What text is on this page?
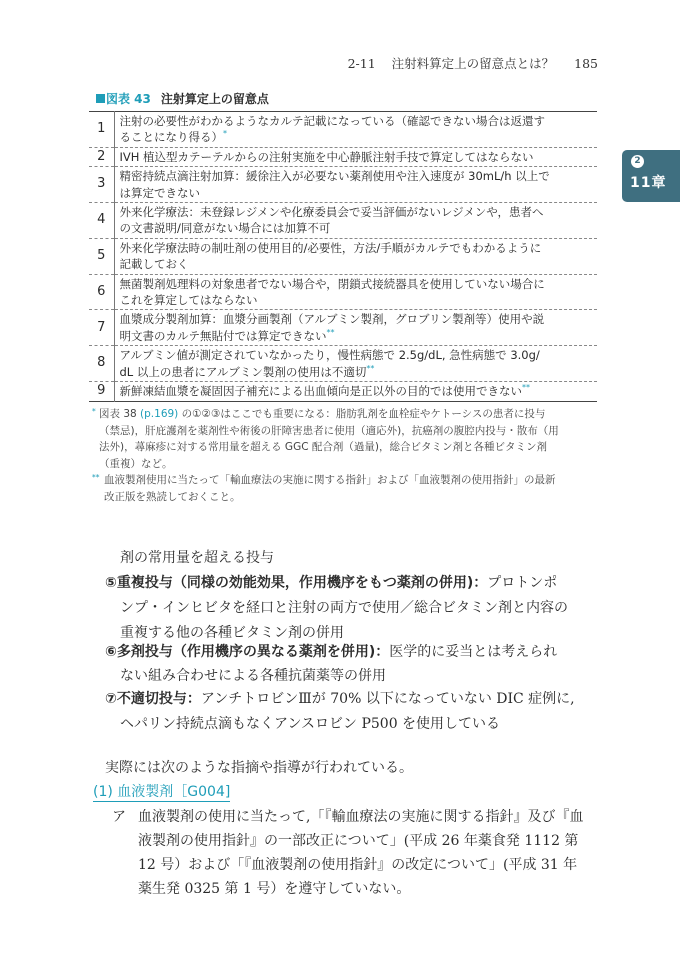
2-11 注射料算定上の留意点とは？ 185
2
11章
図表 43 注射算定上の留意点
1	注射の必要性がわかるようなカルテ記載になっている（確認できない場合は返還す
ることになり得る）*

2	IVH 植込型カテーテルからの注射実施を中心静脈注射手技で算定してはならない

3	精密持続点滴注射加算：緩徐注入が必要ない薬剤使用や注入速度が 30mL/h 以上で
は算定できない

4	外来化学療法：未登録レジメンや化療委員会で妥当評価がないレジメンや，患者へ
の文書説明/同意がない場合には加算不可

5	外来化学療法時の制吐剤の使用目的/必要性，方法/手順がカルテでもわかるように
記載しておく

6	無菌製剤処理料の対象患者でない場合や，閉鎖式接続器具を使用していない場合に
これを算定してはならない

7	血漿成分製剤加算：血漿分画製剤（アルブミン製剤，グロブリン製剤等）使用や説
明文書のカルテ無貼付では算定できない**

8	アルブミン値が測定されていなかったり，慢性病態で 2.5g/dL, 急性病態で 3.0g/
dL 以上の患者にアルブミン製剤の使用は不適切**

9	新鮮凍結血漿を凝固因子補充による出血傾向是正以外の目的では使用できない**
* 図表 38 (p.169) の①②③はここでも重要になる：脂肪乳剤を血栓症やケトーシスの患者に投与
（禁忌)，肝庇護剤を薬剤性や術後の肝障害患者に使用（適応外)，抗癌剤の腹腔内投与・散布（用
法外)，蕁麻疹に対する常用量を超える GGC 配合剤（過量)，総合ビタミン剤と各種ビタミン剤
（重複）など。
** 血液製剤使用に当たって「輸血療法の実施に関する指針」および「血液製剤の使用指針」の最新
改正版を熟読しておくこと。
剤の常用量を超える投与
⑤重複投与（同様の効能効果，作用機序をもつ薬剤の併用)：プロトンポ
ンプ・インヒビタを経口と注射の両方で使用／総合ビタミン剤と内容の
重複する他の各種ビタミン剤の併用
⑥多剤投与（作用機序の異なる薬剤を併用)：医学的に妥当とは考えられ
ない組み合わせによる各種抗菌薬等の併用
⑦不適切投与：アンチトロビンⅢが 70% 以下になっていない DIC 症例に,
ヘパリン持続点滴もなくアンスロビン P500 を使用している
実際には次のような指摘や指導が行われている。
(1) 血液製剤［G004]
ア 血液製剤の使用に当たって,「『輸血療法の実施に関する指針』及び『血
液製剤の使用指針』の一部改正について」(平成 26 年薬食発 1112 第
12 号）および「『血液製剤の使用指針』の改定について」(平成 31 年
薬生発 0325 第 1 号）を遵守していない。
